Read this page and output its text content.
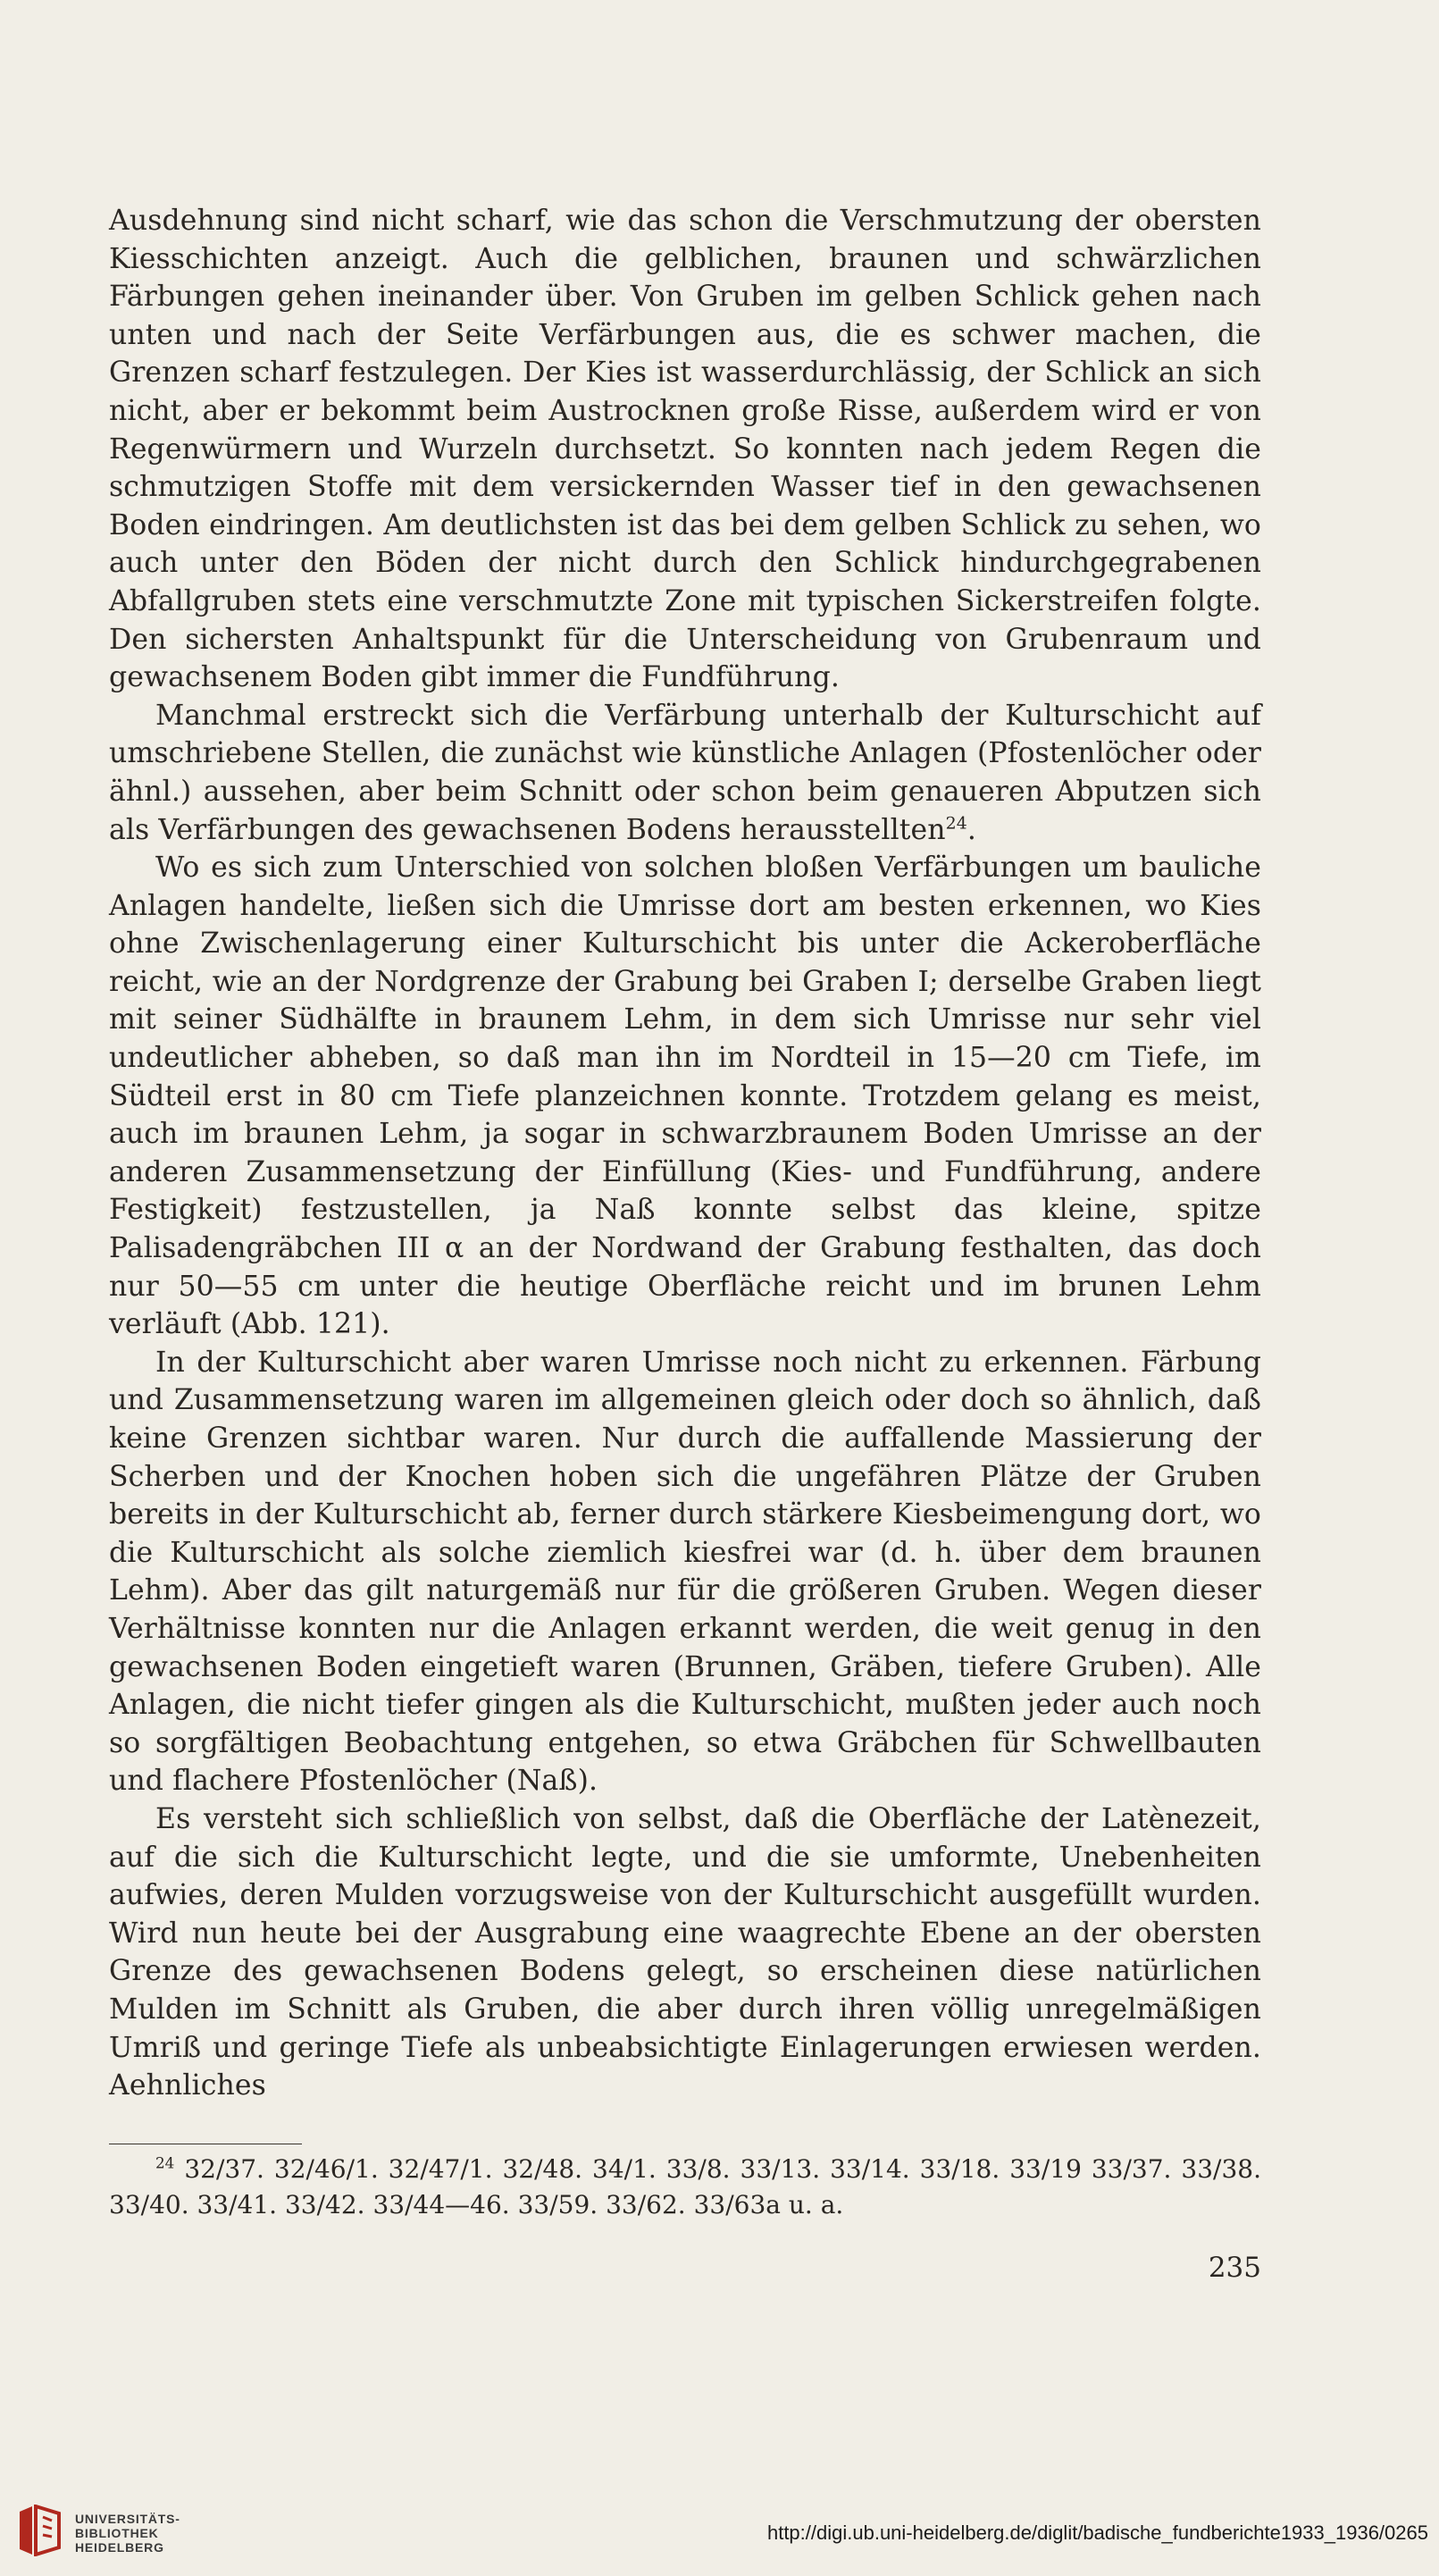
Ausdehnung sind nicht scharf, wie das schon die Verschmutzung der obersten Kiesschichten anzeigt. Auch die gelblichen, braunen und schwärzlichen Färbungen gehen ineinander über. Von Gruben im gelben Schlick gehen nach unten und nach der Seite Verfärbungen aus, die es schwer machen, die Grenzen scharf festzulegen. Der Kies ist wasserdurchlässig, der Schlick an sich nicht, aber er bekommt beim Austrocknen große Risse, außerdem wird er von Regenwürmern und Wurzeln durchsetzt. So konnten nach jedem Regen die schmutzigen Stoffe mit dem versickernden Wasser tief in den gewachsenen Boden eindringen. Am deutlichsten ist das bei dem gelben Schlick zu sehen, wo auch unter den Böden der nicht durch den Schlick hindurchgegrabenen Abfallgruben stets eine verschmutzte Zone mit typischen Sickerstreifen folgte. Den sichersten Anhaltspunkt für die Unterscheidung von Grubenraum und gewachsenem Boden gibt immer die Fundführung.

Manchmal erstreckt sich die Verfärbung unterhalb der Kulturschicht auf umschriebene Stellen, die zunächst wie künstliche Anlagen (Pfostenlöcher oder ähnl.) aussehen, aber beim Schnitt oder schon beim genaueren Abputzen sich als Verfärbungen des gewachsenen Bodens herausstellten$^{24}$.

Wo es sich zum Unterschied von solchen bloßen Verfärbungen um bauliche Anlagen handelte, ließen sich die Umrisse dort am besten erkennen, wo Kies ohne Zwischenlagerung einer Kulturschicht bis unter die Ackeroberfläche reicht, wie an der Nordgrenze der Grabung bei Graben I; derselbe Graben liegt mit seiner Südhälfte in braunem Lehm, in dem sich Umrisse nur sehr viel undeutlicher abheben, so daß man ihn im Nordteil in 15—20 cm Tiefe, im Südteil erst in 80 cm Tiefe planzeichnen konnte. Trotzdem gelang es meist, auch im braunen Lehm, ja sogar in schwarzbraunem Boden Umrisse an der anderen Zusammensetzung der Einfüllung (Kies- und Fundführung, andere Festigkeit) festzustellen, ja Naß konnte selbst das kleine, spitze Palisadengräbchen III α an der Nordwand der Grabung festhalten, das doch nur 50—55 cm unter die heutige Oberfläche reicht und im brunen Lehm verläuft (Abb. 121).

In der Kulturschicht aber waren Umrisse noch nicht zu erkennen. Färbung und Zusammensetzung waren im allgemeinen gleich oder doch so ähnlich, daß keine Grenzen sichtbar waren. Nur durch die auffallende Massierung der Scherben und der Knochen hoben sich die ungefähren Plätze der Gruben bereits in der Kulturschicht ab, ferner durch stärkere Kiesbeimengung dort, wo die Kulturschicht als solche ziemlich kiesfrei war (d. h. über dem braunen Lehm). Aber das gilt naturgemäß nur für die größeren Gruben. Wegen dieser Verhältnisse konnten nur die Anlagen erkannt werden, die weit genug in den gewachsenen Boden eingetieft waren (Brunnen, Gräben, tiefere Gruben). Alle Anlagen, die nicht tiefer gingen als die Kulturschicht, mußten jeder auch noch so sorgfältigen Beobachtung entgehen, so etwa Gräbchen für Schwellbauten und flachere Pfostenlöcher (Naß).

Es versteht sich schließlich von selbst, daß die Oberfläche der Latènezeit, auf die sich die Kulturschicht legte, und die sie umformte, Unebenheiten aufwies, deren Mulden vorzugsweise von der Kulturschicht ausgefüllt wurden. Wird nun heute bei der Ausgrabung eine waagrechte Ebene an der obersten Grenze des gewachsenen Bodens gelegt, so erscheinen diese natürlichen Mulden im Schnitt als Gruben, die aber durch ihren völlig unregelmäßigen Umriß und geringe Tiefe als unbeabsichtigte Einlagerungen erwiesen werden. Aehnliches

$^{24}$ 32/37. 32/46/1. 32/47/1. 32/48. 34/1. 33/8. 33/13. 33/14. 33/18. 33/19 33/37. 33/38. 33/40. 33/41. 33/42. 33/44—46. 33/59. 33/62. 33/63a u. a.
235
UNIVERSITÄTS-
BIBLIOTHEK
HEIDELBERG
http://digi.ub.uni-heidelberg.de/diglit/badische_fundberichte1933_1936/0265
